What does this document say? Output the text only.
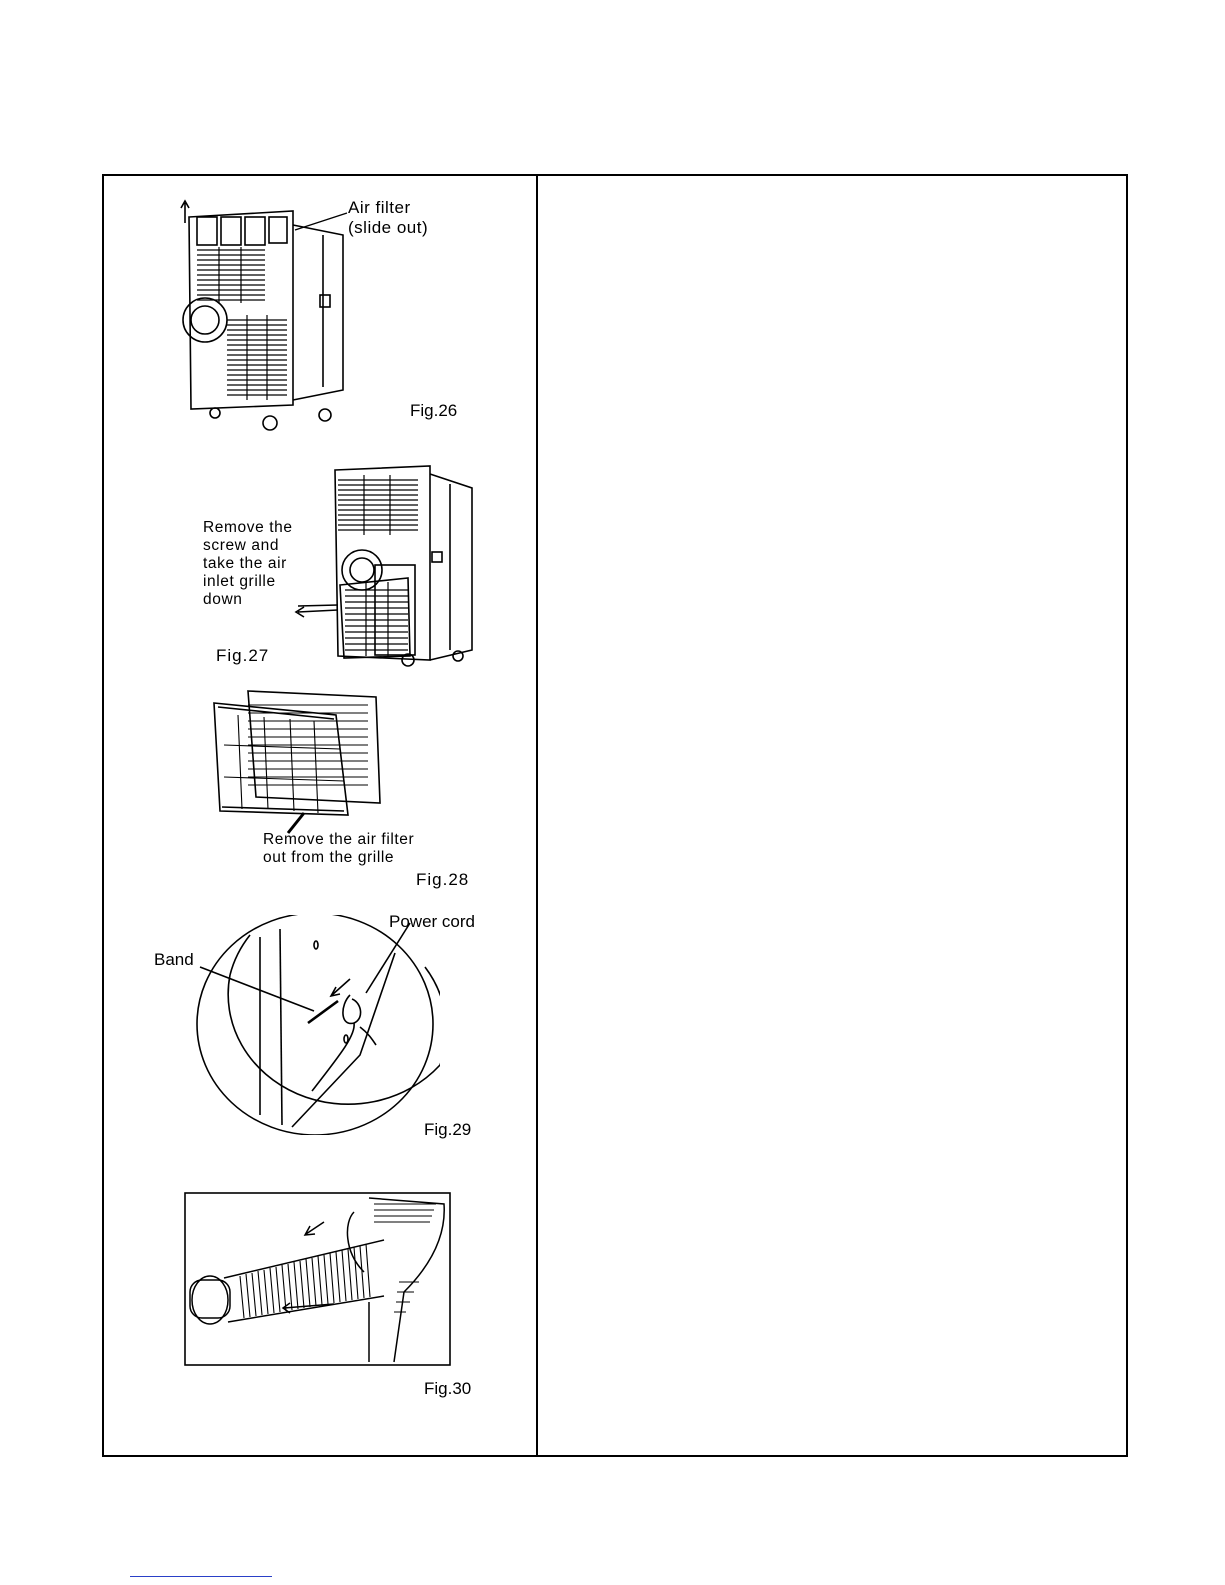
Air filter
(slide out)
Fig.26
Remove the
screw and
take the air
inlet grille
down
Fig.27
Remove the air filter
out from the grille
Fig.28
Band
Power cord
Fig.29
Fig.30
